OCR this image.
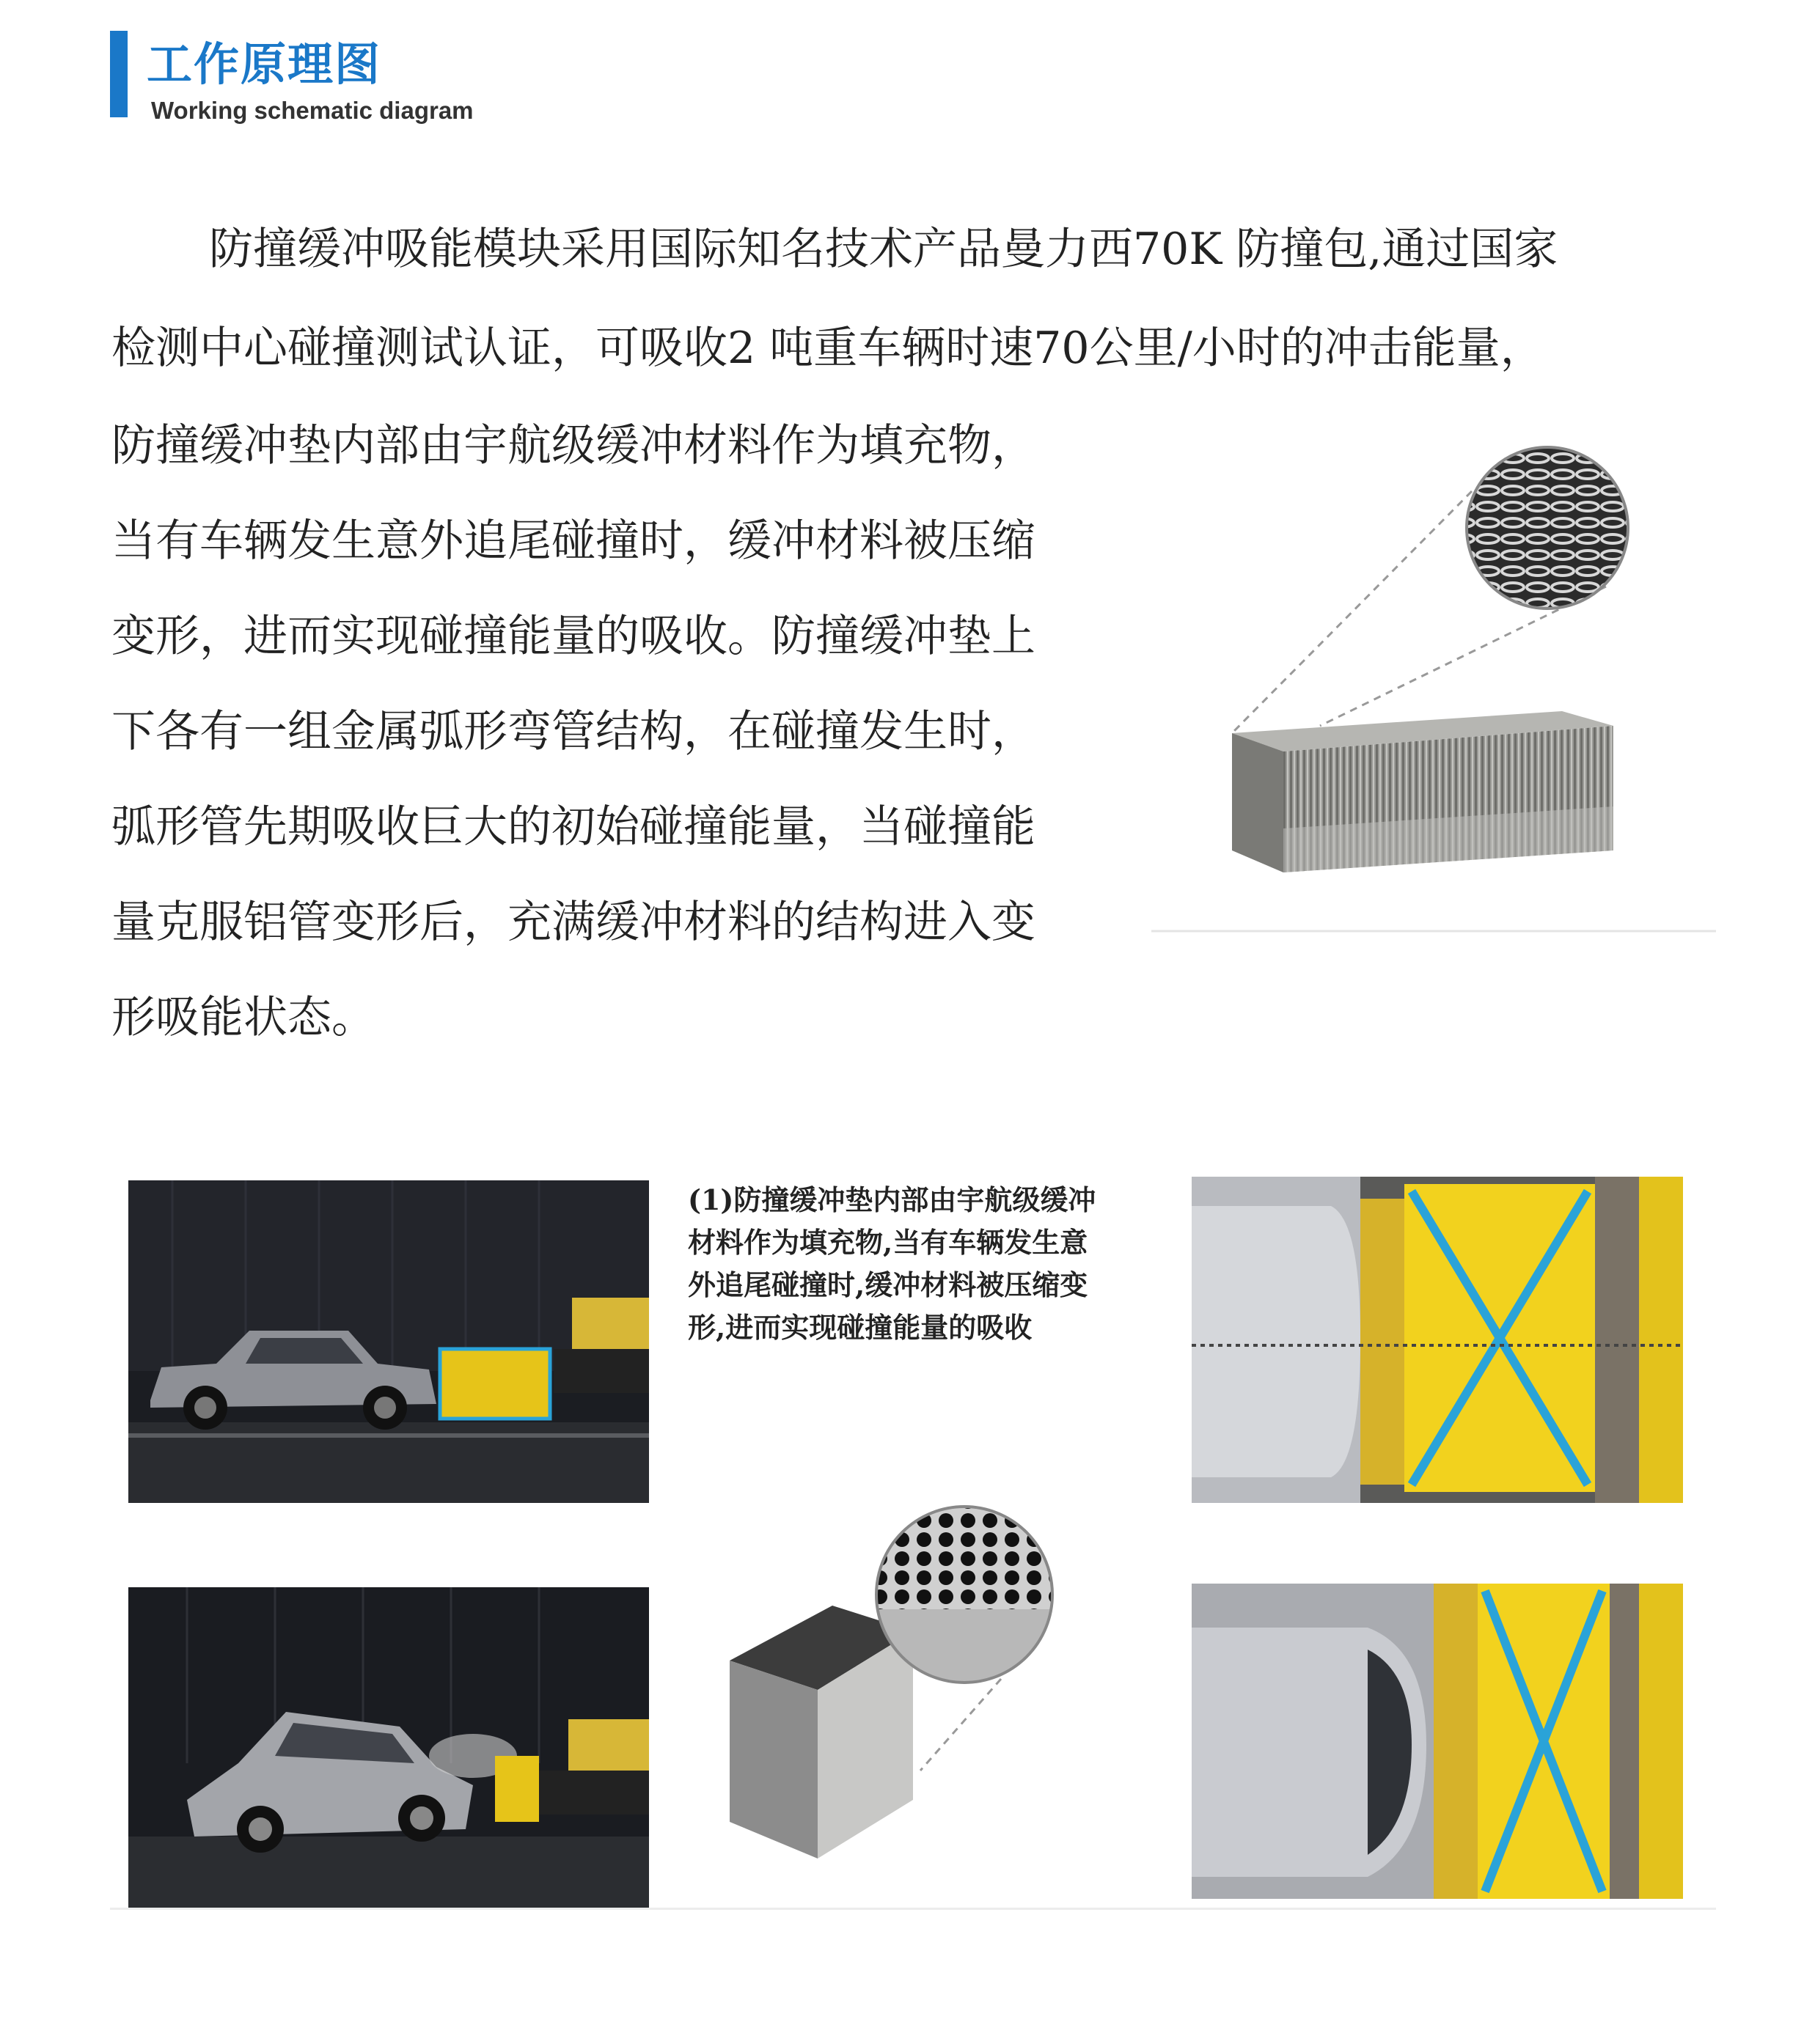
工作原理图
Working schematic diagram
防撞缓冲吸能模块采用国际知名技术产品曼力西70K 防撞包,通过国家
检测中心碰撞测试认证，可吸收2 吨重车辆时速70公里/小时的冲击能量，
防撞缓冲垫内部由宇航级缓冲材料作为填充物，
当有车辆发生意外追尾碰撞时，缓冲材料被压缩
变形，进而实现碰撞能量的吸收。防撞缓冲垫上
下各有一组金属弧形弯管结构，在碰撞发生时，
弧形管先期吸收巨大的初始碰撞能量，当碰撞能
量克服铝管变形后，充满缓冲材料的结构进入变
形吸能状态。
(1)防撞缓冲垫内部由宇航级缓冲
材料作为填充物,当有车辆发生意
外追尾碰撞时,缓冲材料被压缩变
形,进而实现碰撞能量的吸收
